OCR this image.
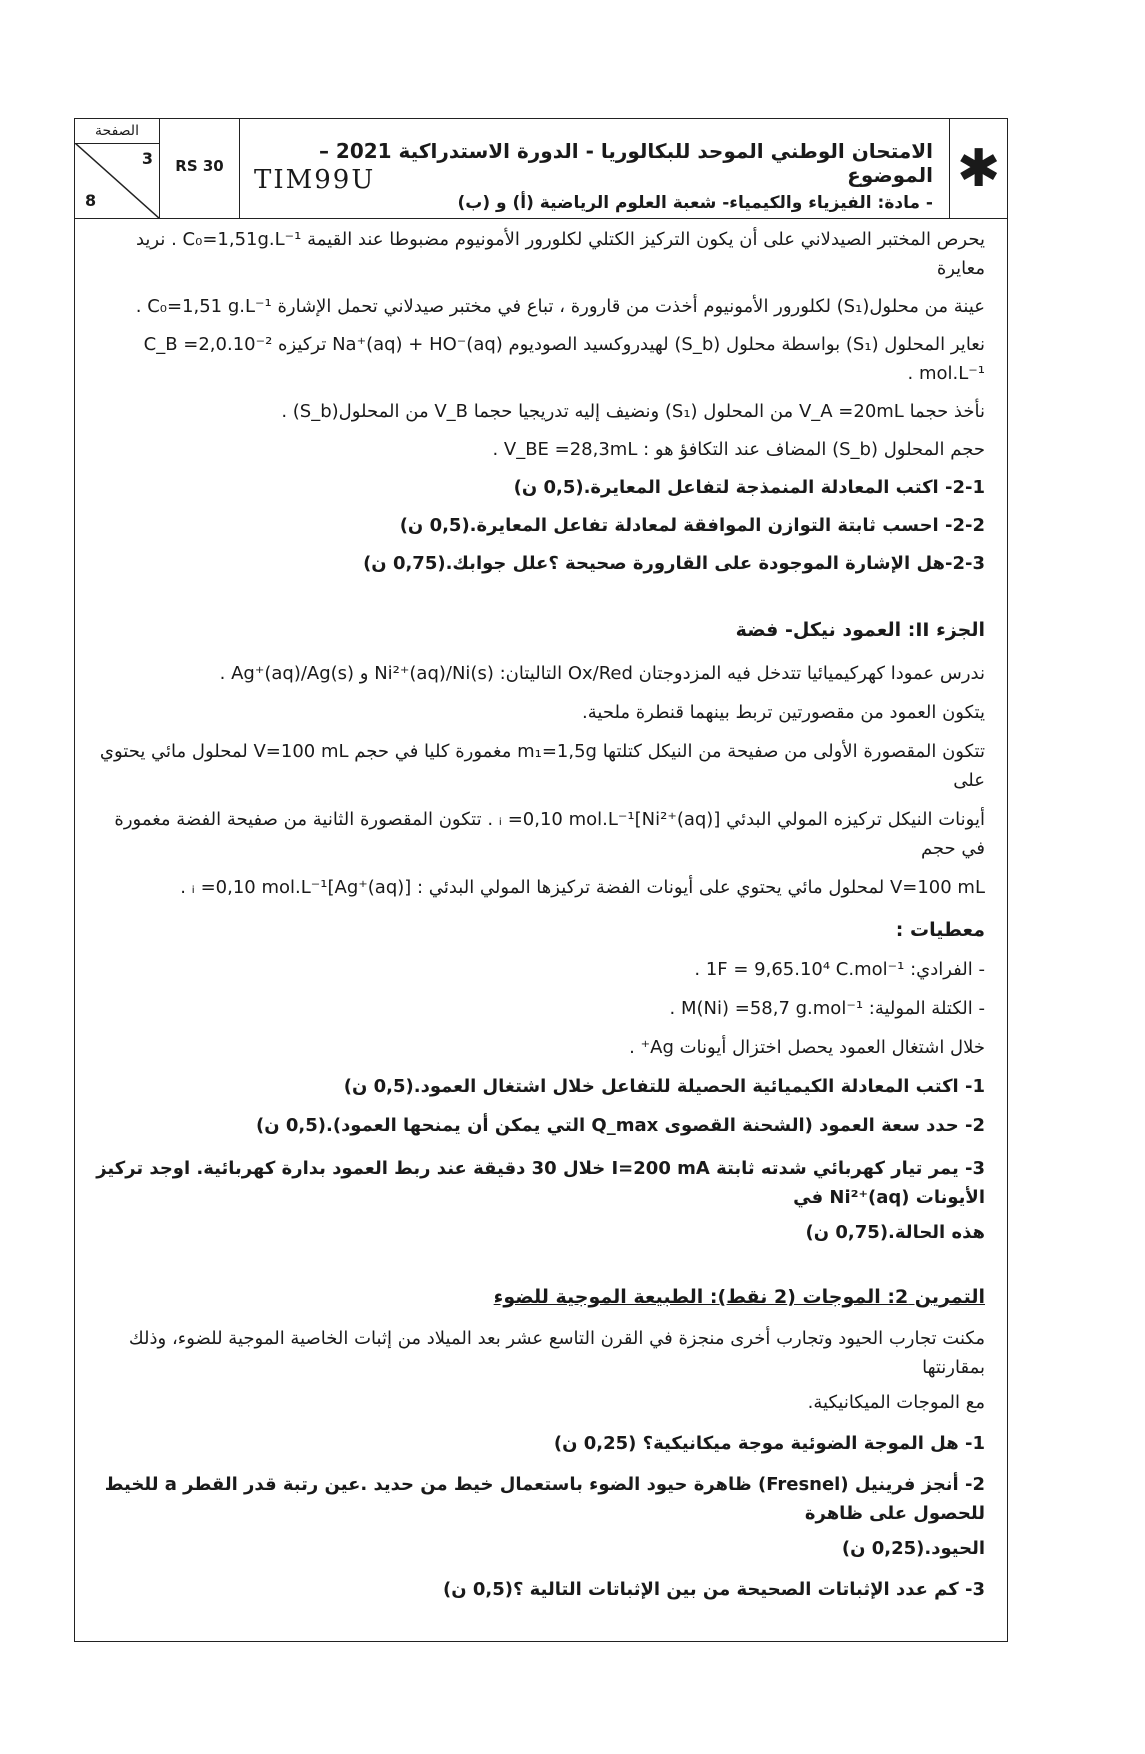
الصفحة
3
8
RS 30
الامتحان الوطني الموحد للبكالوريا - الدورة الاستدراكية 2021 – الموضوع
- مادة: الفيزياء والكيمياء- شعبة العلوم الرياضية (أ) و (ب)
TIM99U	✱

يحرص المختبر الصيدلاني على أن يكون التركيز الكتلي لكلورور الأمونيوم مضبوطا عند القيمة C₀=1,51g.L⁻¹ . نريد معايرة

عينة من محلول(S₁) لكلورور الأمونيوم أخذت من قارورة ، تباع في مختبر صيدلاني تحمل الإشارة C₀=1,51 g.L⁻¹ .

نعاير المحلول (S₁) بواسطة محلول (S_b) لهيدروكسيد الصوديوم Na⁺(aq) + HO⁻(aq) تركيزه C_B =2,0.10⁻² mol.L⁻¹ .

نأخذ حجما V_A =20mL من المحلول (S₁) ونضيف إليه تدريجيا حجما V_B من المحلول(S_b) .

حجم المحلول (S_b) المضاف عند التكافؤ هو : V_BE =28,3mL .

2-1- اكتب المعادلة المنمذجة لتفاعل المعايرة.(0,5 ن)

2-2- احسب ثابتة التوازن الموافقة لمعادلة تفاعل المعايرة.(0,5 ن)

2-3-هل الإشارة الموجودة على القارورة صحيحة ؟علل جوابك.(0,75 ن)

الجزء II: العمود نيكل- فضة

ندرس عمودا كهركيميائيا تتدخل فيه المزدوجتان Ox/Red التاليتان: Ni²⁺(aq)/Ni(s) و Ag⁺(aq)/Ag(s) .

يتكون العمود من مقصورتين تربط بينهما قنطرة ملحية.

تتكون المقصورة الأولى من صفيحة من النيكل كتلتها m₁=1,5g مغمورة كليا في حجم V=100 mL لمحلول مائي يحتوي على

أيونات النيكل تركيزه المولي البدئي [Ni²⁺(aq)]ᵢ =0,10 mol.L⁻¹ . تتكون المقصورة الثانية من صفيحة الفضة مغمورة في حجم

V=100 mL لمحلول مائي يحتوي على أيونات الفضة تركيزها المولي البدئي : [Ag⁺(aq)]ᵢ =0,10 mol.L⁻¹ .

معطيات :

- الفرادي: 1F = 9,65.10⁴ C.mol⁻¹ .

- الكتلة المولية: M(Ni) =58,7 g.mol⁻¹ .

خلال اشتغال العمود يحصل اختزال أيونات Ag⁺ .

1- اكتب المعادلة الكيميائية الحصيلة للتفاعل خلال اشتغال العمود.(0,5 ن)

2- حدد سعة العمود (الشحنة القصوى Q_max التي يمكن أن يمنحها العمود).(0,5 ن)

3- يمر تيار كهربائي شدته ثابتة I=200 mA خلال 30 دقيقة عند ربط العمود بدارة كهربائية. اوجد تركيز الأيونات Ni²⁺(aq) في

هذه الحالة.(0,75 ن)

التمرين 2: الموجات (2 نقط): الطبيعة الموجية للضوء

مكنت تجارب الحيود وتجارب أخرى منجزة في القرن التاسع عشر بعد الميلاد من إثبات الخاصية الموجية للضوء، وذلك بمقارنتها

مع الموجات الميكانيكية.

1- هل الموجة الضوئية موجة ميكانيكية؟ (0,25 ن)

2- أنجز فرينيل (Fresnel) ظاهرة حيود الضوء باستعمال خيط من حديد .عين رتبة قدر القطر a للخيط للحصول على ظاهرة

الحيود.(0,25 ن)

3- كم عدد الإثباتات الصحيحة من بين الإثباتات التالية ؟(0,5 ن)
